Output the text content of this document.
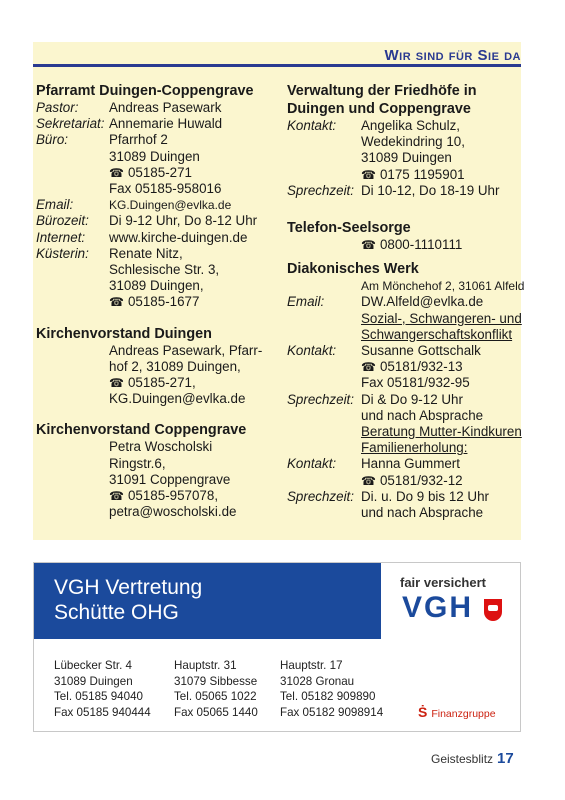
Wir sind für Sie da

Pfarramt Duingen-Coppengrave

Pastor:	Andreas Pasewark
Sekretariat: Annemarie Huwald
Büro:	Pfarrhof 2
31089 Duingen
☎ 05185-271
Fax 05185-958016
Email:	KG.Duingen@evlka.de
Bürozeit:	Di 9-12 Uhr, Do 8-12 Uhr
Internet:	www.kirche-duingen.de
Küsterin:	Renate Nitz,
Schlesische Str. 3,
31089 Duingen,
☎ 05185-1677

Kirchenvorstand Duingen

Andreas Pasewark, Pfarr-
hof 2, 31089 Duingen,
☎ 05185-271,
KG.Duingen@evlka.de

Kirchenvorstand Coppengrave

Petra Woscholski
Ringstr.6,
31091 Coppengrave
☎ 05185-957078,
petra@woscholski.de

Verwaltung der Friedhöfe in

Duingen und Coppengrave

Kontakt:	Angelika Schulz,
Wedekindring 10,
31089 Duingen
☎ 0175 1195901
Sprechzeit: Di 10-12, Do 18-19 Uhr

Telefon-Seelsorge

☎ 0800-1110111

Diakonisches Werk

Am Mönchehof 2, 31061 Alfeld
Email:	DW.Alfeld@evlka.de
Sozial-, Schwangeren- und
Schwangerschaftskonflikt
Kontakt:	Susanne Gottschalk
☎ 05181/932-13
Fax 05181/932-95
Sprechzeit: Di & Do 9-12 Uhr
und nach Absprache
Beratung Mutter-Kindkuren
Familienerholung:
Kontakt:	Hanna Gummert
☎ 05181/932-12
Sprechzeit: Di. u. Do 9 bis 12 Uhr
und nach Absprache
VGH Vertretung
Schütte OHG
fair versichert
VGH
Lübecker Str. 4
31089 Duingen
Tel. 05185 94040
Fax 05185 940444
Hauptstr. 31
31079 Sibbesse
Tel. 05065 1022
Fax 05065 1440
Hauptstr. 17
31028 Gronau
Tel. 05182 909890
Fax 05182 9098914 Ṡ Finanzgruppe
Geistesblitz 17
